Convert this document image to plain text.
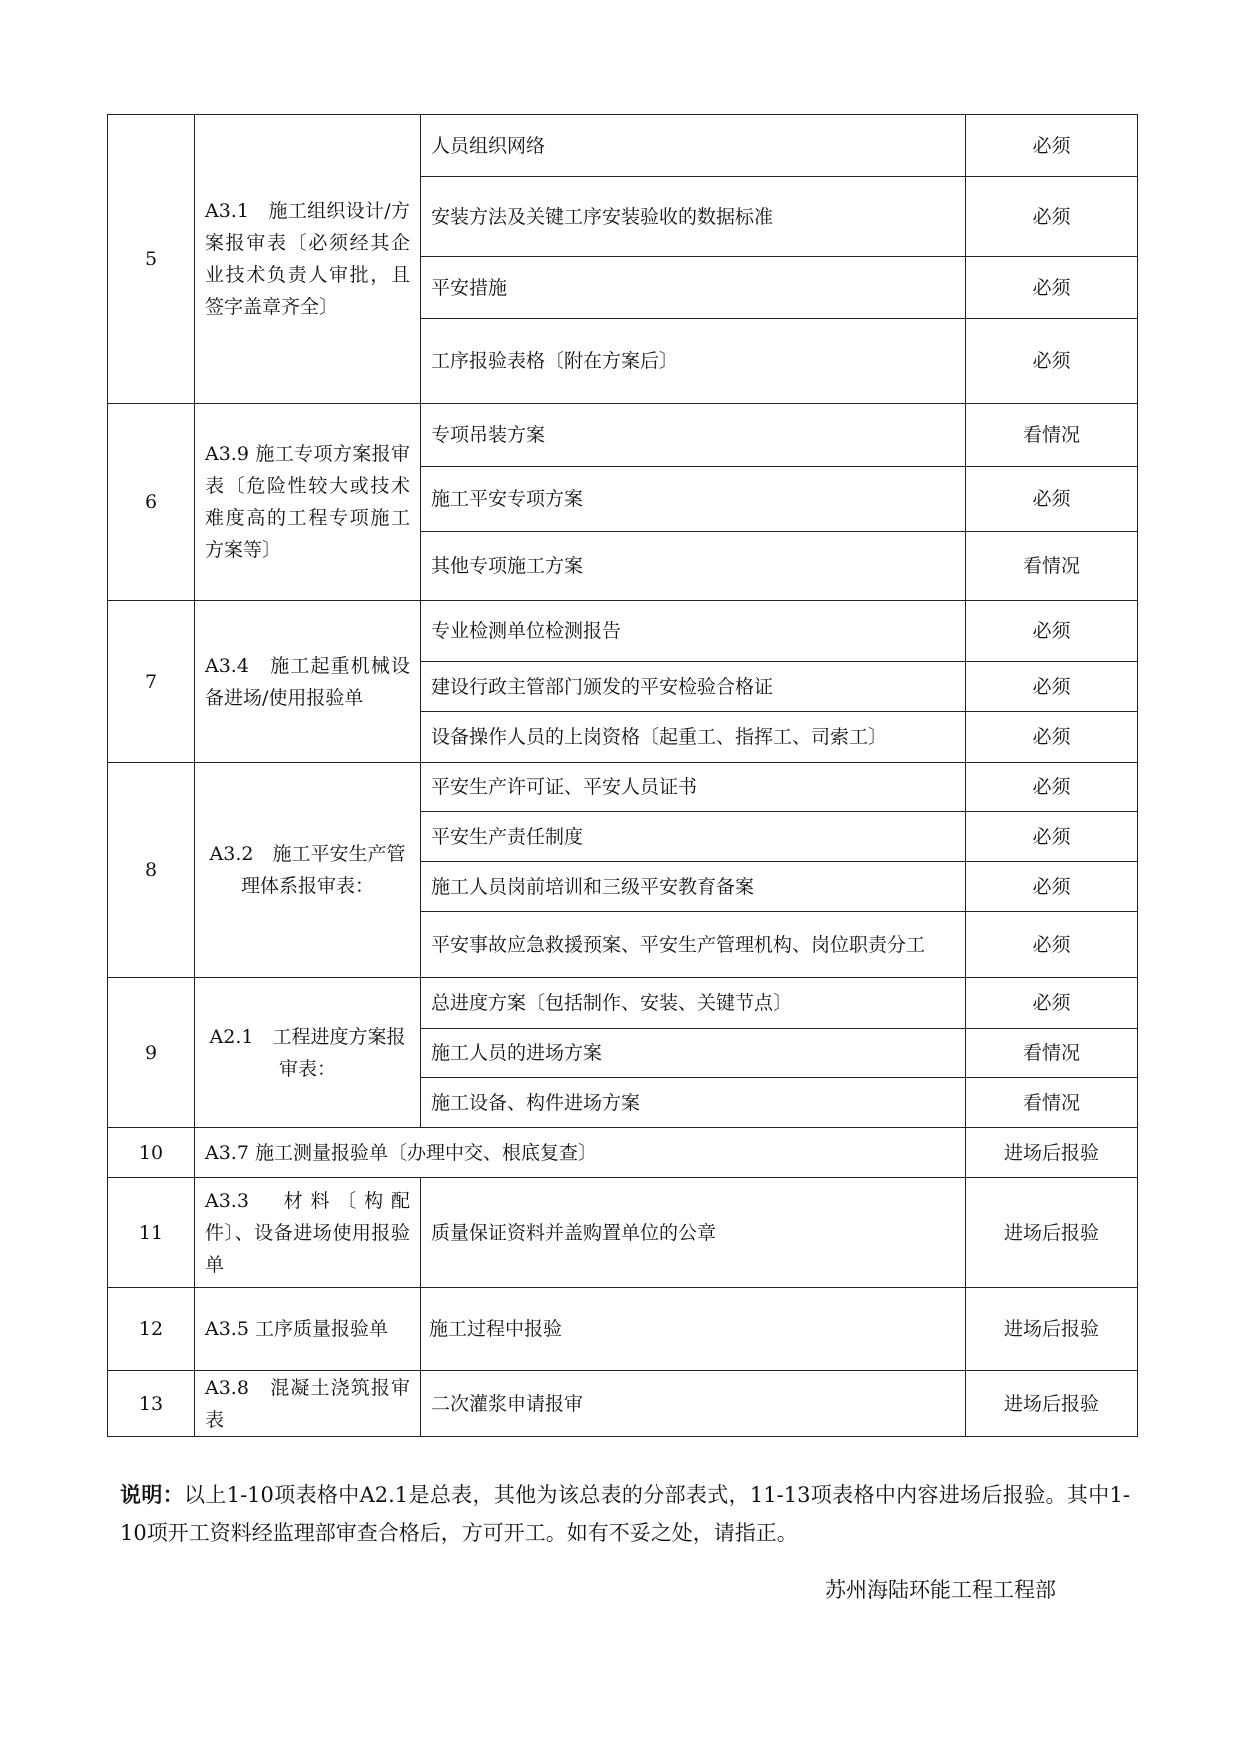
5	A3.1　施工组织设计/方案报审表〔必须经其企业技术负责人审批，且签字盖章齐全〕	人员组织网络	必须
		安装方法及关键工序安装验收的数据标准	必须
		平安措施	必须
		工序报验表格〔附在方案后〕	必须
6	A3.9 施工专项方案报审表〔危险性较大或技术难度高的工程专项施工方案等〕	专项吊装方案	看情况
		施工平安专项方案	必须
		其他专项施工方案	看情况
7	A3.4　施工起重机械设备进场/使用报验单	专业检测单位检测报告	必须
		建设行政主管部门颁发的平安检验合格证	必须
		设备操作人员的上岗资格〔起重工、指挥工、司索工〕	必须
8	A3.2　施工平安生产管理体系报审表：	平安生产许可证、平安人员证书	必须
		平安生产责任制度	必须
		施工人员岗前培训和三级平安教育备案	必须
		平安事故应急救援预案、平安生产管理机构、岗位职责分工	必须
9	A2.1　工程进度方案报审表：	总进度方案〔包括制作、安装、关键节点〕	必须
		施工人员的进场方案	看情况
		施工设备、构件进场方案	看情况
10	A3.7 施工测量报验单〔办理中交、根底复查〕		进场后报验
11	A3.3　材料〔构配件〕、设备进场使用报验单	质量保证资料并盖购置单位的公章	进场后报验
12	A3.5 工序质量报验单	施工过程中报验	进场后报验
13	A3.8　混凝土浇筑报审表	二次灌浆申请报审	进场后报验
说明：以上1-10项表格中A2.1是总表，其他为该总表的分部表式，11-13项表格中内容进场后报验。其中1-10项开工资料经监理部审查合格后，方可开工。如有不妥之处，请指正。
苏州海陆环能工程工程部
